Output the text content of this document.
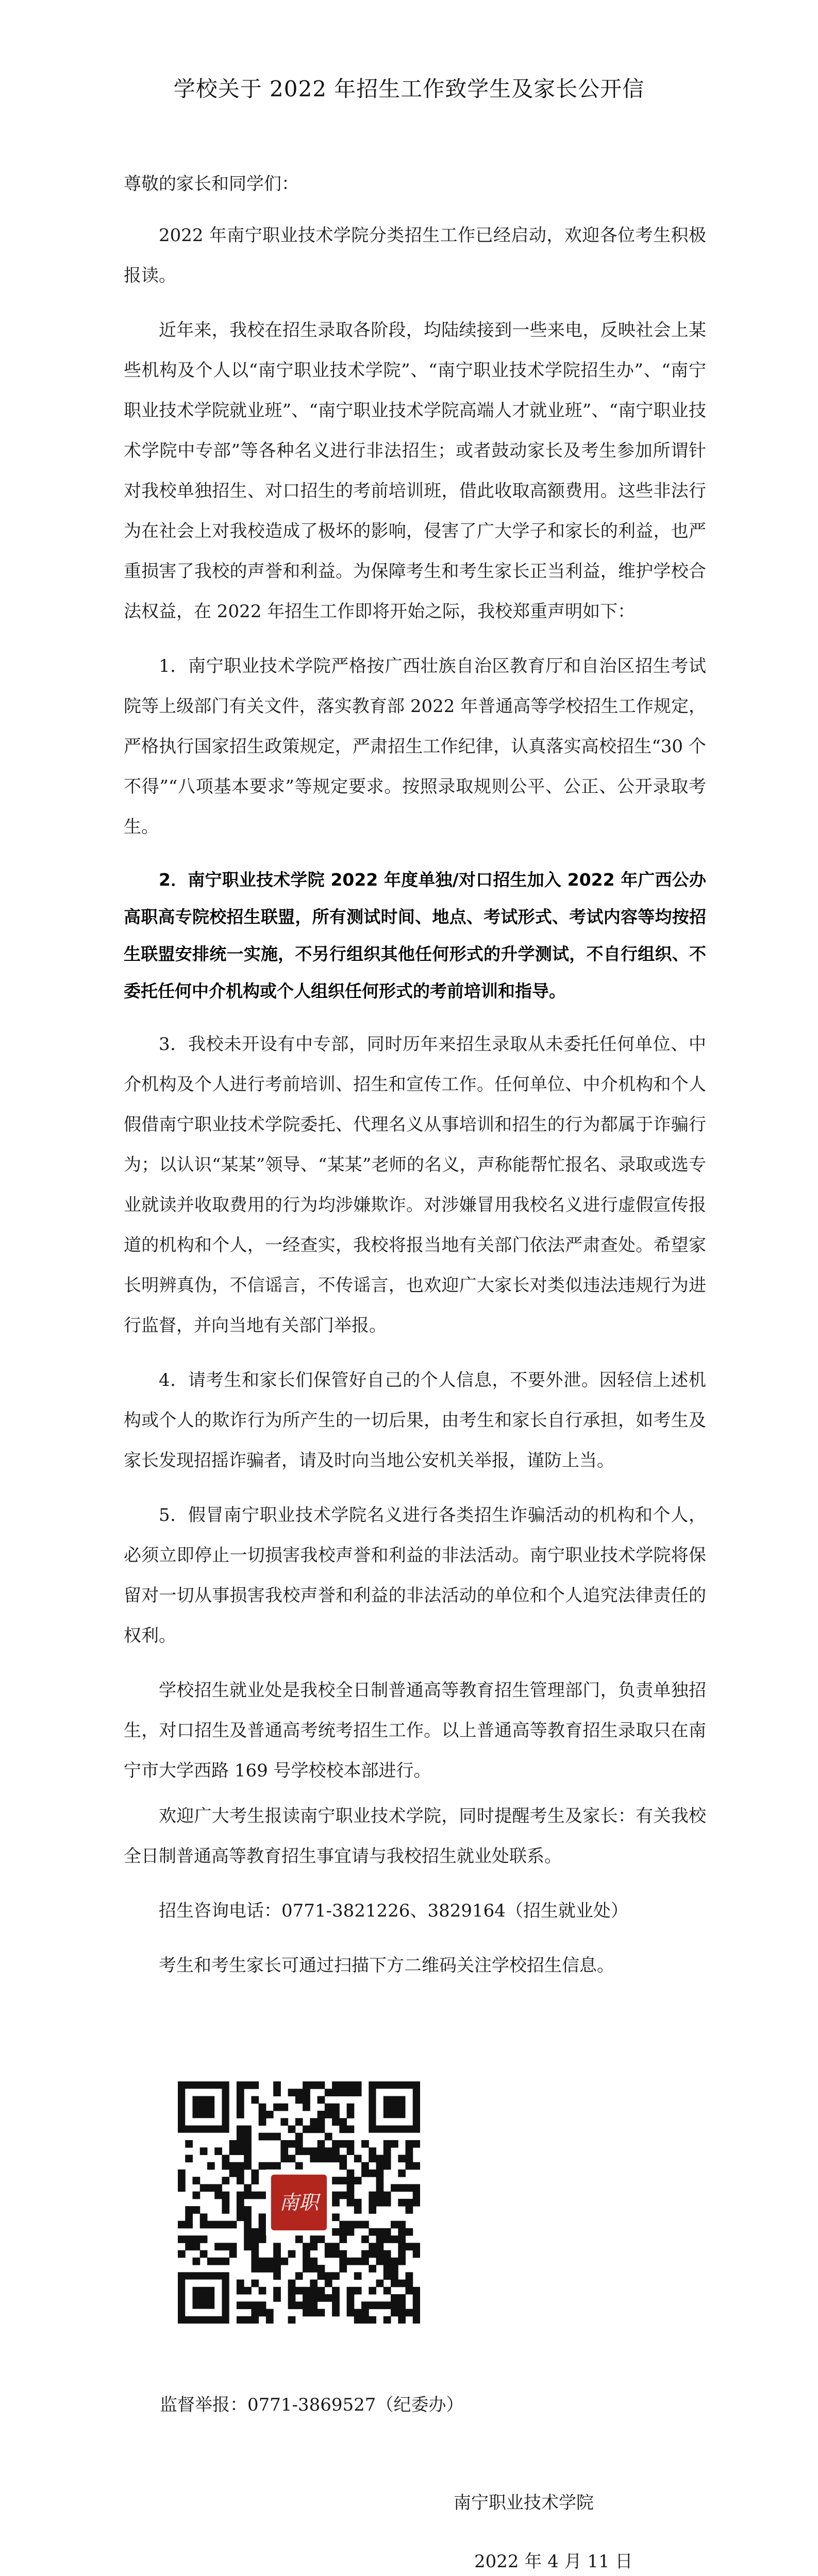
学校关于 2022 年招生工作致学生及家长公开信

尊敬的家长和同学们：

2022 年南宁职业技术学院分类招生工作已经启动，欢迎各位考生积极报读。

近年来，我校在招生录取各阶段，均陆续接到一些来电，反映社会上某些机构及个人以“南宁职业技术学院”、“南宁职业技术学院招生办”、“南宁职业技术学院就业班”、“南宁职业技术学院高端人才就业班”、“南宁职业技术学院中专部”等各种名义进行非法招生；或者鼓动家长及考生参加所谓针对我校单独招生、对口招生的考前培训班，借此收取高额费用。这些非法行为在社会上对我校造成了极坏的影响，侵害了广大学子和家长的利益，也严重损害了我校的声誉和利益。为保障考生和考生家长正当利益，维护学校合法权益，在 2022 年招生工作即将开始之际，我校郑重声明如下：

1．南宁职业技术学院严格按广西壮族自治区教育厅和自治区招生考试院等上级部门有关文件，落实教育部 2022 年普通高等学校招生工作规定，严格执行国家招生政策规定，严肃招生工作纪律，认真落实高校招生“30 个不得”“八项基本要求”等规定要求。按照录取规则公平、公正、公开录取考生。

2．南宁职业技术学院 2022 年度单独/对口招生加入 2022 年广西公办高职高专院校招生联盟，所有测试时间、地点、考试形式、考试内容等均按招生联盟安排统一实施，不另行组织其他任何形式的升学测试，不自行组织、不委托任何中介机构或个人组织任何形式的考前培训和指导。

3．我校未开设有中专部，同时历年来招生录取从未委托任何单位、中介机构及个人进行考前培训、招生和宣传工作。任何单位、中介机构和个人假借南宁职业技术学院委托、代理名义从事培训和招生的行为都属于诈骗行为；以认识“某某”领导、“某某”老师的名义，声称能帮忙报名、录取或选专业就读并收取费用的行为均涉嫌欺诈。对涉嫌冒用我校名义进行虚假宣传报道的机构和个人，一经查实，我校将报当地有关部门依法严肃查处。希望家长明辨真伪，不信谣言，不传谣言，也欢迎广大家长对类似违法违规行为进行监督，并向当地有关部门举报。

4．请考生和家长们保管好自己的个人信息，不要外泄。因轻信上述机构或个人的欺诈行为所产生的一切后果，由考生和家长自行承担，如考生及家长发现招摇诈骗者，请及时向当地公安机关举报，谨防上当。

5．假冒南宁职业技术学院名义进行各类招生诈骗活动的机构和个人，必须立即停止一切损害我校声誉和利益的非法活动。南宁职业技术学院将保留对一切从事损害我校声誉和利益的非法活动的单位和个人追究法律责任的权利。

学校招生就业处是我校全日制普通高等教育招生管理部门，负责单独招生，对口招生及普通高考统考招生工作。以上普通高等教育招生录取只在南宁市大学西路 169 号学校校本部进行。

欢迎广大考生报读南宁职业技术学院，同时提醒考生及家长：有关我校全日制普通高等教育招生事宜请与我校招生就业处联系。

招生咨询电话：0771-3821226、3829164（招生就业处）

考生和考生家长可通过扫描下方二维码关注学校招生信息。

南职
监督举报：0771-3869527（纪委办）
南宁职业技术学院
2022 年 4 月 11 日
